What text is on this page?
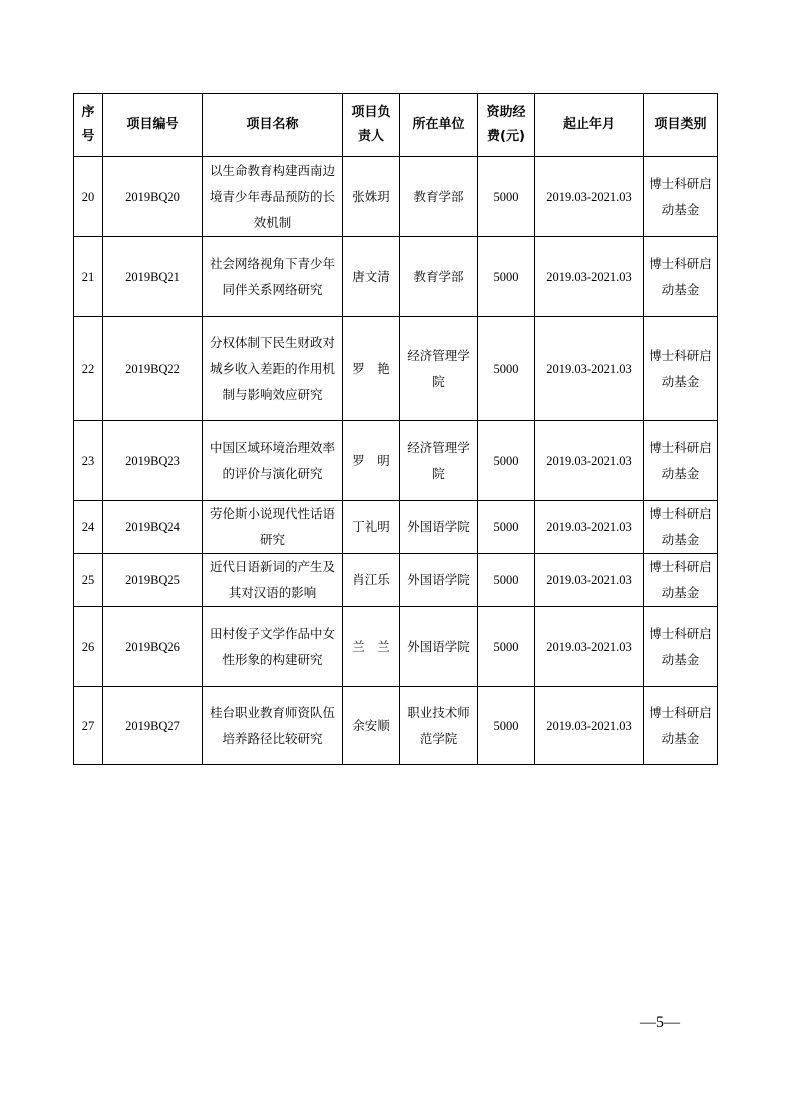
序号	项目编号	项目名称	项目负责人	所在单位	资助经费(元)	起止年月	项目类别
20	2019BQ20	以生命教育构建西南边境青少年毒品预防的长效机制	张姝玥	教育学部	5000	2019.03-2021.03	博士科研启动基金
21	2019BQ21	社会网络视角下青少年同伴关系网络研究	唐文清	教育学部	5000	2019.03-2021.03	博士科研启动基金
22	2019BQ22	分权体制下民生财政对城乡收入差距的作用机制与影响效应研究	罗　艳	经济管理学院	5000	2019.03-2021.03	博士科研启动基金
23	2019BQ23	中国区域环境治理效率的评价与演化研究	罗　明	经济管理学院	5000	2019.03-2021.03	博士科研启动基金
24	2019BQ24	劳伦斯小说现代性话语研究	丁礼明	外国语学院	5000	2019.03-2021.03	博士科研启动基金
25	2019BQ25	近代日语新词的产生及其对汉语的影响	肖江乐	外国语学院	5000	2019.03-2021.03	博士科研启动基金
26	2019BQ26	田村俊子文学作品中女性形象的构建研究	兰　兰	外国语学院	5000	2019.03-2021.03	博士科研启动基金
27	2019BQ27	桂台职业教育师资队伍培养路径比较研究	余安顺	职业技术师范学院	5000	2019.03-2021.03	博士科研启动基金
—5—
